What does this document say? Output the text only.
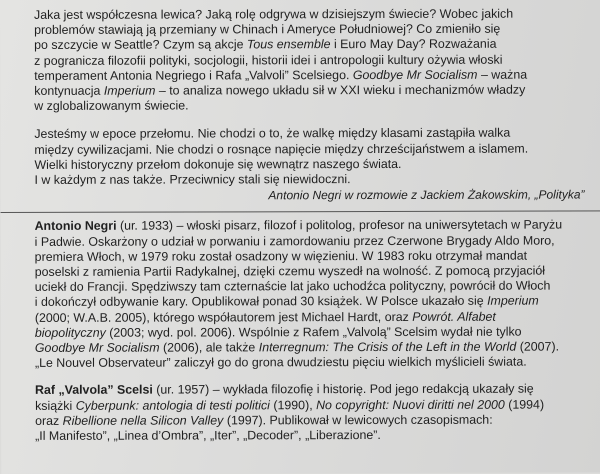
Jaka jest współczesna lewica? Jaką rolę odgrywa w dzisiejszym świecie? Wobec jakich
problemów stawiają ją przemiany w Chinach i Ameryce Południowej? Co zmieniło się
po szczycie w Seattle? Czym są akcje Tous ensemble i Euro May Day? Rozważania
z pogranicza filozofii polityki, socjologii, historii idei i antropologii kultury ożywia włoski
temperament Antonia Negriego i Rafa „Valvoli” Scelsiego. Goodbye Mr Socialism – ważna
kontynuacja Imperium – to analiza nowego układu sił w XXI wieku i mechanizmów władzy
w zglobalizowanym świecie.
Jesteśmy w epoce przełomu. Nie chodzi o to, że walkę między klasami zastąpiła walka
między cywilizacjami. Nie chodzi o rosnące napięcie między chrześcijaństwem a islamem.
Wielki historyczny przełom dokonuje się wewnątrz naszego świata.
I w każdym z nas także. Przeciwnicy stali się niewidoczni.

Antonio Negri w rozmowie z Jackiem Żakowskim, „Polityka”

Antonio Negri (ur. 1933) – włoski pisarz, filozof i politolog, profesor na uniwersytetach w Paryżu
i Padwie. Oskarżony o udział w porwaniu i zamordowaniu przez Czerwone Brygady Aldo Moro,
premiera Włoch, w 1979 roku został osadzony w więzieniu. W 1983 roku otrzymał mandat
poselski z ramienia Partii Radykalnej, dzięki czemu wyszedł na wolność. Z pomocą przyjaciół
uciekł do Francji. Spędziwszy tam czternaście lat jako uchodźca polityczny, powrócił do Włoch
i dokończył odbywanie kary. Opublikował ponad 30 książek. W Polsce ukazało się Imperium
(2000; W.A.B. 2005), którego współautorem jest Michael Hardt, oraz Powrót. Alfabet
biopolityczny (2003; wyd. pol. 2006). Wspólnie z Rafem „Valvolą” Scelsim wydał nie tylko
Goodbye Mr Socialism (2006), ale także Interregnum: The Crisis of the Left in the World (2007).
„Le Nouvel Observateur” zaliczył go do grona dwudziestu pięciu wielkich myślicieli świata.
Raf „Valvola” Scelsi (ur. 1957) – wykłada filozofię i historię. Pod jego redakcją ukazały się
książki Cyberpunk: antologia di testi politici (1990), No copyright: Nuovi diritti nel 2000 (1994)
oraz Ribellione nella Silicon Valley (1997). Publikował w lewicowych czasopismach:
„Il Manifesto”, „Linea d’Ombra”, „Iter”, „Decoder”, „Liberazione”.
